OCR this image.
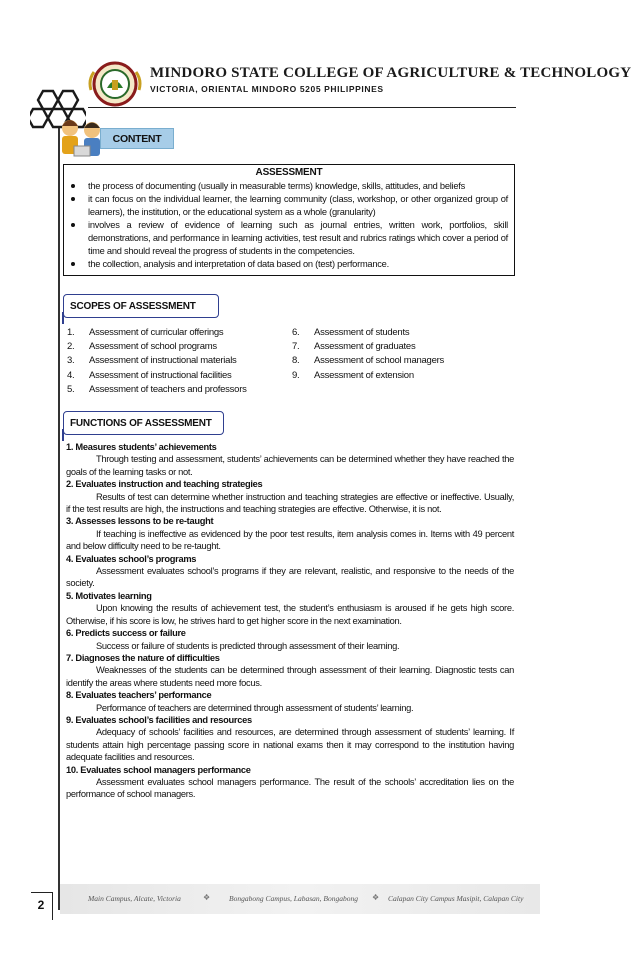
MINDORO STATE COLLEGE OF AGRICULTURE & TECHNOLOGY
VICTORIA, ORIENTAL MINDORO 5205 PHILIPPINES
CONTENT
ASSESSMENT
the process of documenting (usually in measurable terms) knowledge, skills, attitudes, and beliefs
it can focus on the individual learner, the learning community (class, workshop, or other organized group of learners), the institution, or the educational system as a whole (granularity)
involves a review of evidence of learning such as journal entries, written work, portfolios, skill demonstrations, and performance in learning activities, test result and rubrics ratings which cover a period of time and should reveal the progress of students in the competencies.
the collection, analysis and interpretation of data based on (test) performance.
SCOPES OF ASSESSMENT
1. Assessment of curricular offerings
2. Assessment of school programs
3. Assessment of instructional materials
4. Assessment of instructional facilities
5. Assessment of teachers and professors
6. Assessment of students
7. Assessment of graduates
8. Assessment of school managers
9. Assessment of extension
FUNCTIONS OF ASSESSMENT
1. Measures students’ achievements
Through testing and assessment, students’ achievements can be determined whether they have reached the goals of the learning tasks or not.
2. Evaluates instruction and teaching strategies
Results of test can determine whether instruction and teaching strategies are effective or ineffective. Usually, if the test results are high, the instructions and teaching strategies are effective. Otherwise, it is not.
3. Assesses lessons to be re-taught
If teaching is ineffective as evidenced by the poor test results, item analysis comes in. Items with 49 percent and below difficulty need to be re-taught.
4. Evaluates school’s programs
Assessment evaluates school’s programs if they are relevant, realistic, and responsive to the needs of the society.
5. Motivates learning
Upon knowing the results of achievement test, the student’s enthusiasm is aroused if he gets high score. Otherwise, if his score is low, he strives hard to get higher score in the next examination.
6. Predicts success or failure
Success or failure of students is predicted through assessment of their learning.
7. Diagnoses the nature of difficulties
Weaknesses of the students can be determined through assessment of their learning. Diagnostic tests can identify the areas where students need more focus.
8. Evaluates teachers’ performance
Performance of teachers are determined through assessment of students’ learning.
9. Evaluates school’s facilities and resources
Adequacy of schools’ facilities and resources, are determined through assessment of students’ learning. If students attain high percentage passing score in national exams then it may correspond to the institution having adequate facilities and resources.
10. Evaluates school managers performance
Assessment evaluates school managers performance. The result of the schools’ accreditation lies on the performance of school managers.
2	Main Campus, Alcate, Victoria	❖	Bongabong Campus, Labasan, Bongabong ❖ Calapan City Campus Masipit, Calapan City
